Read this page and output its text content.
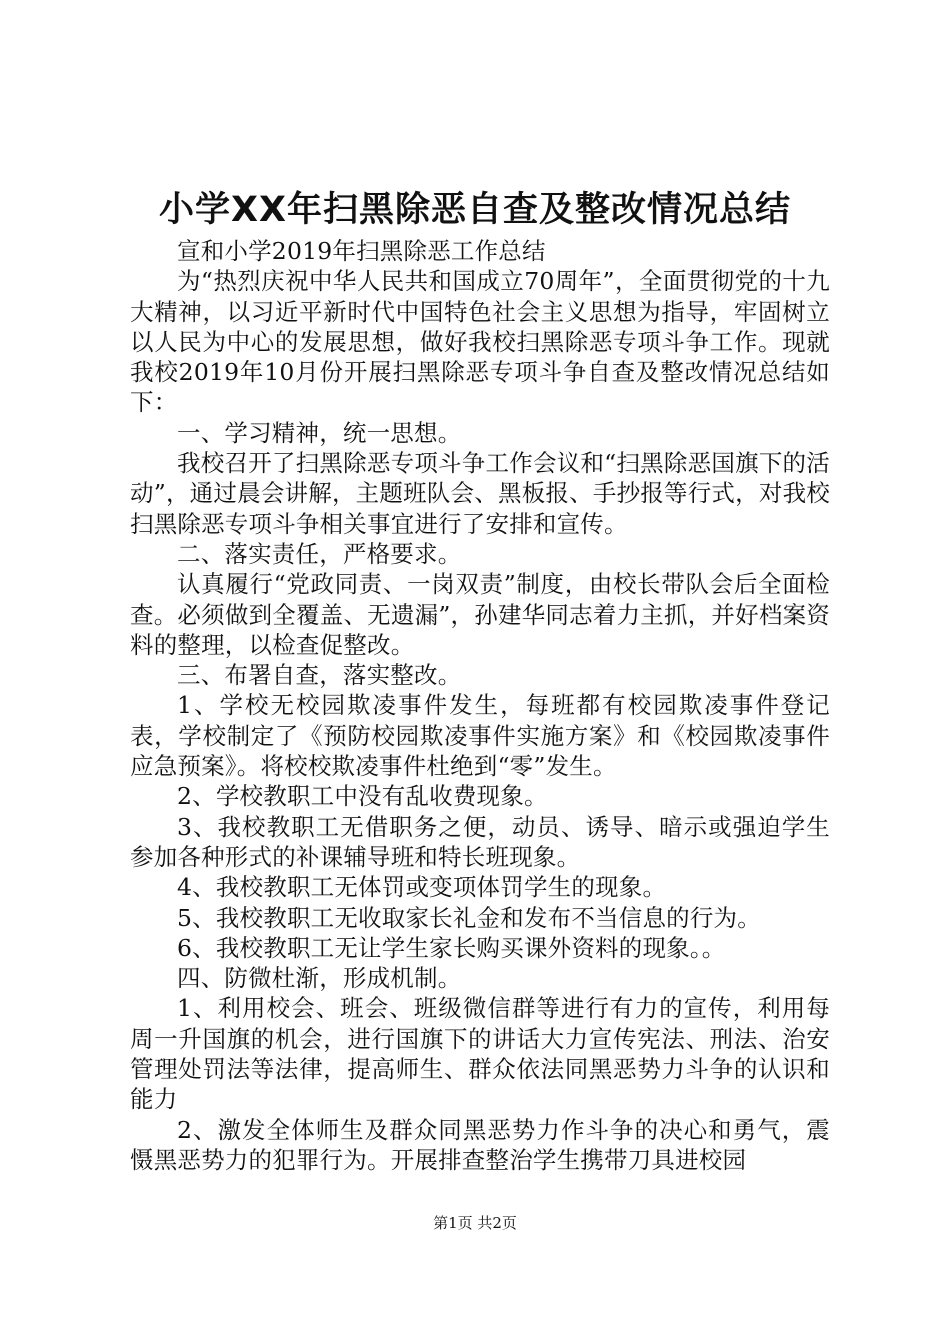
小学XX年扫黑除恶自查及整改情况总结

宣和小学2019年扫黑除恶工作总结

为“热烈庆祝中华人民共和国成立70周年”，全面贯彻党的十九大精神，以习近平新时代中国特色社会主义思想为指导，牢固树立以人民为中心的发展思想，做好我校扫黑除恶专项斗争工作。现就我校2019年10月份开展扫黑除恶专项斗争自查及整改情况总结如下：

一、学习精神，统一思想。

我校召开了扫黑除恶专项斗争工作会议和“扫黑除恶国旗下的活动”，通过晨会讲解，主题班队会、黑板报、手抄报等行式，对我校扫黑除恶专项斗争相关事宜进行了安排和宣传。

二、落实责任，严格要求。

认真履行“党政同责、一岗双责”制度，由校长带队会后全面检查。必须做到全覆盖、无遗漏”，孙建华同志着力主抓，并好档案资料的整理，以检查促整改。

三、布署自查，落实整改。

1、学校无校园欺凌事件发生，每班都有校园欺凌事件登记表，学校制定了《预防校园欺凌事件实施方案》和《校园欺凌事件应急预案》。将校校欺凌事件杜绝到“零”发生。

2、学校教职工中没有乱收费现象。

3、我校教职工无借职务之便，动员、诱导、暗示或强迫学生参加各种形式的补课辅导班和特长班现象。

4、我校教职工无体罚或变项体罚学生的现象。

5、我校教职工无收取家长礼金和发布不当信息的行为。

6、我校教职工无让学生家长购买课外资料的现象。。

四、防微杜渐，形成机制。

1、利用校会、班会、班级微信群等进行有力的宣传，利用每周一升国旗的机会，进行国旗下的讲话大力宣传宪法、刑法、治安管理处罚法等法律，提高师生、群众依法同黑恶势力斗争的认识和能力

2、激发全体师生及群众同黑恶势力作斗争的决心和勇气，震慑黑恶势力的犯罪行为。开展排查整治学生携带刀具进校园

第1页 共2页
